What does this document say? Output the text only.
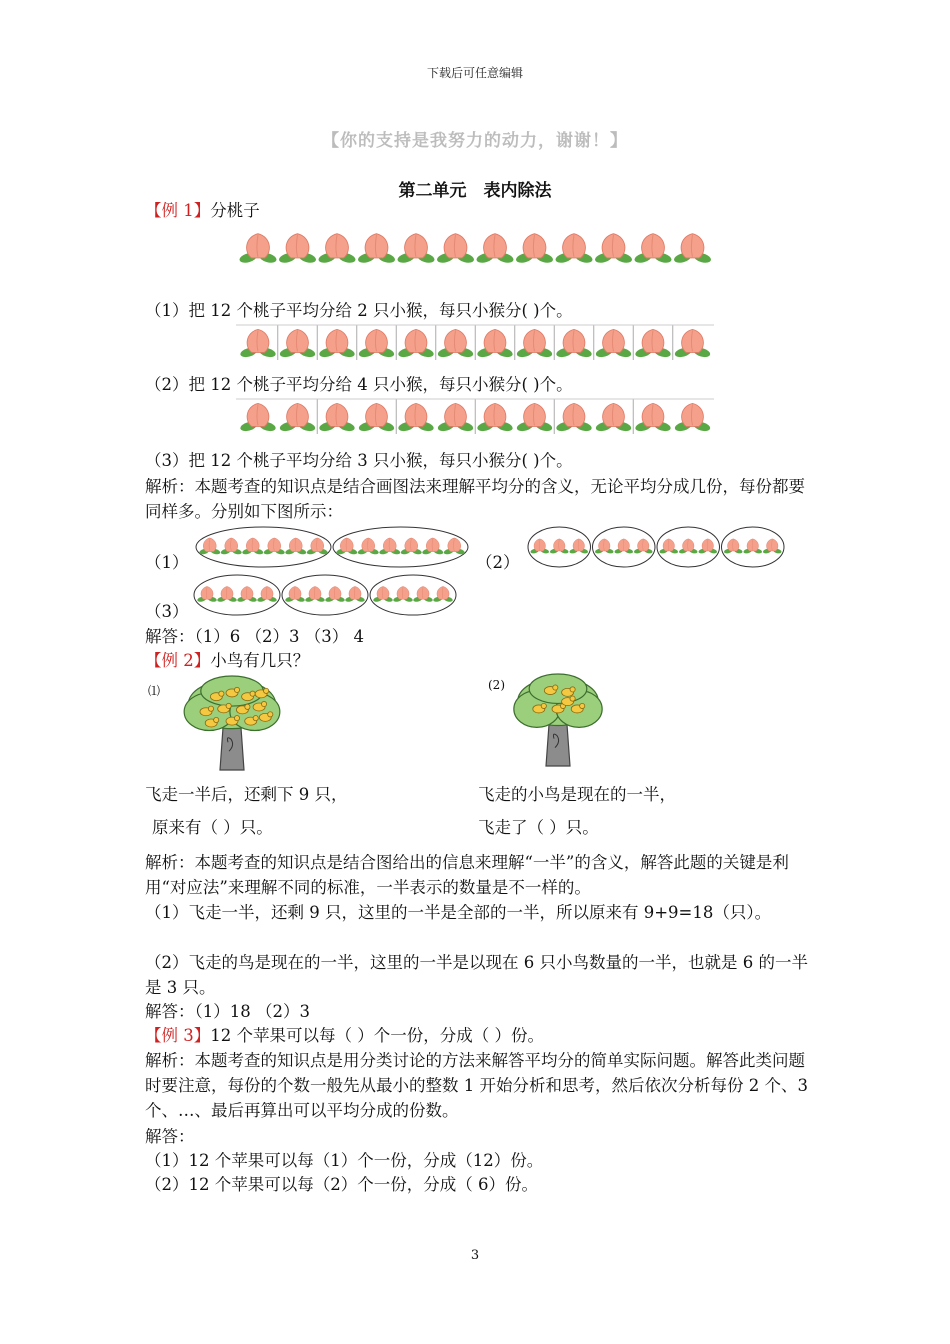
下载后可任意编辑
【你的支持是我努力的动力，谢谢！】
第二单元　表内除法
【例 1】分桃子
（1）把 12 个桃子平均分给 2 只小猴，每只小猴分( )个。
（2）把 12 个桃子平均分给 4 只小猴，每只小猴分( )个。
（3）把 12 个桃子平均分给 3 只小猴，每只小猴分( )个。
解析：本题考查的知识点是结合画图法来理解平均分的含义，无论平均分成几份，每份都要同样多。分别如下图所示：
（1）	（2）
（3）
解答：（1）6 （2）3 （3） 4
【例 2】小鸟有几只？
⑴	(2)
飞走一半后，还剩下 9 只，
原来有（ ）只。
飞走的小鸟是现在的一半，
飞走了（ ）只。
解析：本题考查的知识点是结合图给出的信息来理解“一半”的含义，解答此题的关键是利用“对应法”来理解不同的标准，一半表示的数量是不一样的。
（1）飞走一半，还剩 9 只，这里的一半是全部的一半，所以原来有 9+9=18（只）。
（2）飞走的鸟是现在的一半，这里的一半是以现在 6 只小鸟数量的一半，也就是 6 的一半是 3 只。
解答：（1）18 （2）3
【例 3】12 个苹果可以每（ ）个一份，分成（ ）份。
解析：本题考查的知识点是用分类讨论的方法来解答平均分的简单实际问题。解答此类问题时要注意，每份的个数一般先从最小的整数 1 开始分析和思考，然后依次分析每份 2 个、3 个、…、最后再算出可以平均分成的份数。
解答：
（1）12 个苹果可以每（1）个一份，分成（12）份。
（2）12 个苹果可以每（2）个一份，分成（ 6）份。
3
